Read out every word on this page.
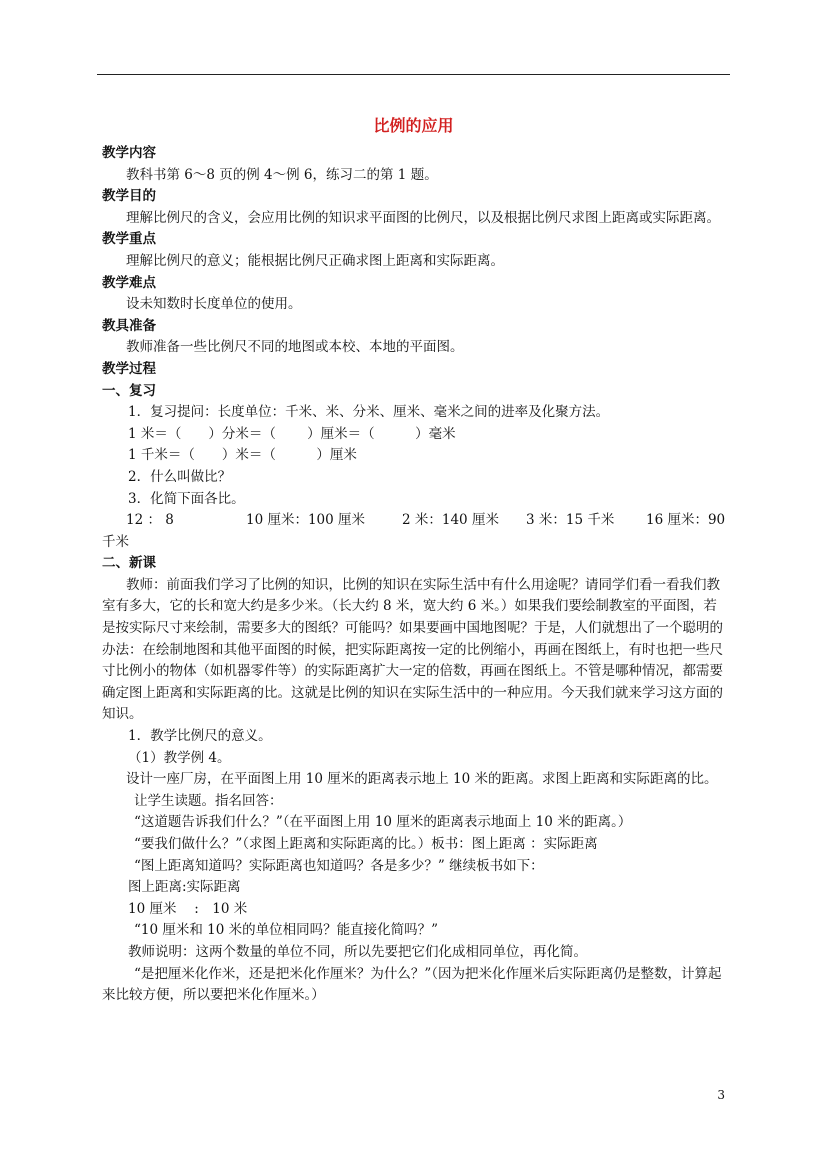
比例的应用

教学内容

教科书第 6～8 页的例 4～例 6，练习二的第 1 题。

教学目的

理解比例尺的含义，会应用比例的知识求平面图的比例尺，以及根据比例尺求图上距离或实际距离。

教学重点

理解比例尺的意义；能根据比例尺正确求图上距离和实际距离。

教学难点

设未知数时长度单位的使用。

教具准备

教师准备一些比例尺不同的地图或本校、本地的平面图。

教学过程

一、复习

1．复习提问：长度单位：千米、米、分米、厘米、毫米之间的进率及化聚方法。

1 米＝（　　）分米＝（　　 ）厘米＝（　　　）毫米

1 千米＝（　　）米＝（　　　）厘米

2．什么叫做比？

3．化简下面各比。

12 ： 8	10 厘米：100 厘米	2 米：140 厘米	3 米：15 千米	16 厘米：90

千米

二、新课

教师：前面我们学习了比例的知识，比例的知识在实际生活中有什么用途呢？请同学们看一看我们教室有多大，它的长和宽大约是多少米。（长大约 8 米，宽大约 6 米。）如果我们要绘制教室的平面图，若是按实际尺寸来绘制，需要多大的图纸？可能吗？如果要画中国地图呢？于是，人们就想出了一个聪明的办法：在绘制地图和其他平面图的时候，把实际距离按一定的比例缩小，再画在图纸上，有时也把一些尺寸比例小的物体（如机器零件等）的实际距离扩大一定的倍数，再画在图纸上。不管是哪种情况，都需要确定图上距离和实际距离的比。这就是比例的知识在实际生活中的一种应用。今天我们就来学习这方面的知识。

1．教学比例尺的意义。

（1）教学例 4。

设计一座厂房，在平面图上用 10 厘米的距离表示地上 10 米的距离。求图上距离和实际距离的比。

让学生读题。指名回答：

“这道题告诉我们什么？”（在平面图上用 10 厘米的距离表示地面上 10 米的距离。）

“要我们做什么？”（求图上距离和实际距离的比。）板书：图上距离 ：实际距离

“图上距离知道吗？实际距离也知道吗？各是多少？” 继续板书如下：

图上距离:实际距离

10 厘米　 :　10 米

“10 厘米和 10 米的单位相同吗？能直接化简吗？”

教师说明：这两个数量的单位不同，所以先要把它们化成相同单位，再化简。

“是把厘米化作米，还是把米化作厘米？为什么？”（因为把米化作厘米后实际距离仍是整数，计算起来比较方便，所以要把米化作厘米。）

3
